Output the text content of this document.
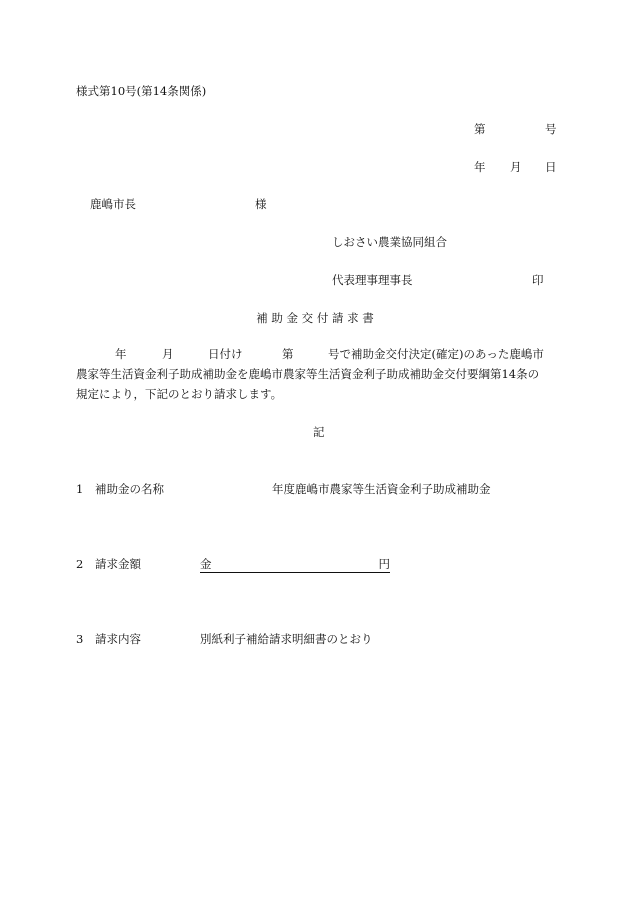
様式第10号(第14条関係)
第	号
年 月 日
鹿嶋市長	様
しおさい農業協同組合
代表理事理事長	印
補 助 金 交 付 請 求 書
年	月	日付け	第	号で補助金交付決定(確定)のあった鹿嶋市
農家等生活資金利子助成補助金を鹿嶋市農家等生活資金利子助成補助金交付要綱第14条の
規定により，下記のとおり請求します。
記
1 補助金の名称	年度鹿嶋市農家等生活資金利子助成補助金
2 請求金額	金	円
3 請求内容	別紙利子補給請求明細書のとおり
